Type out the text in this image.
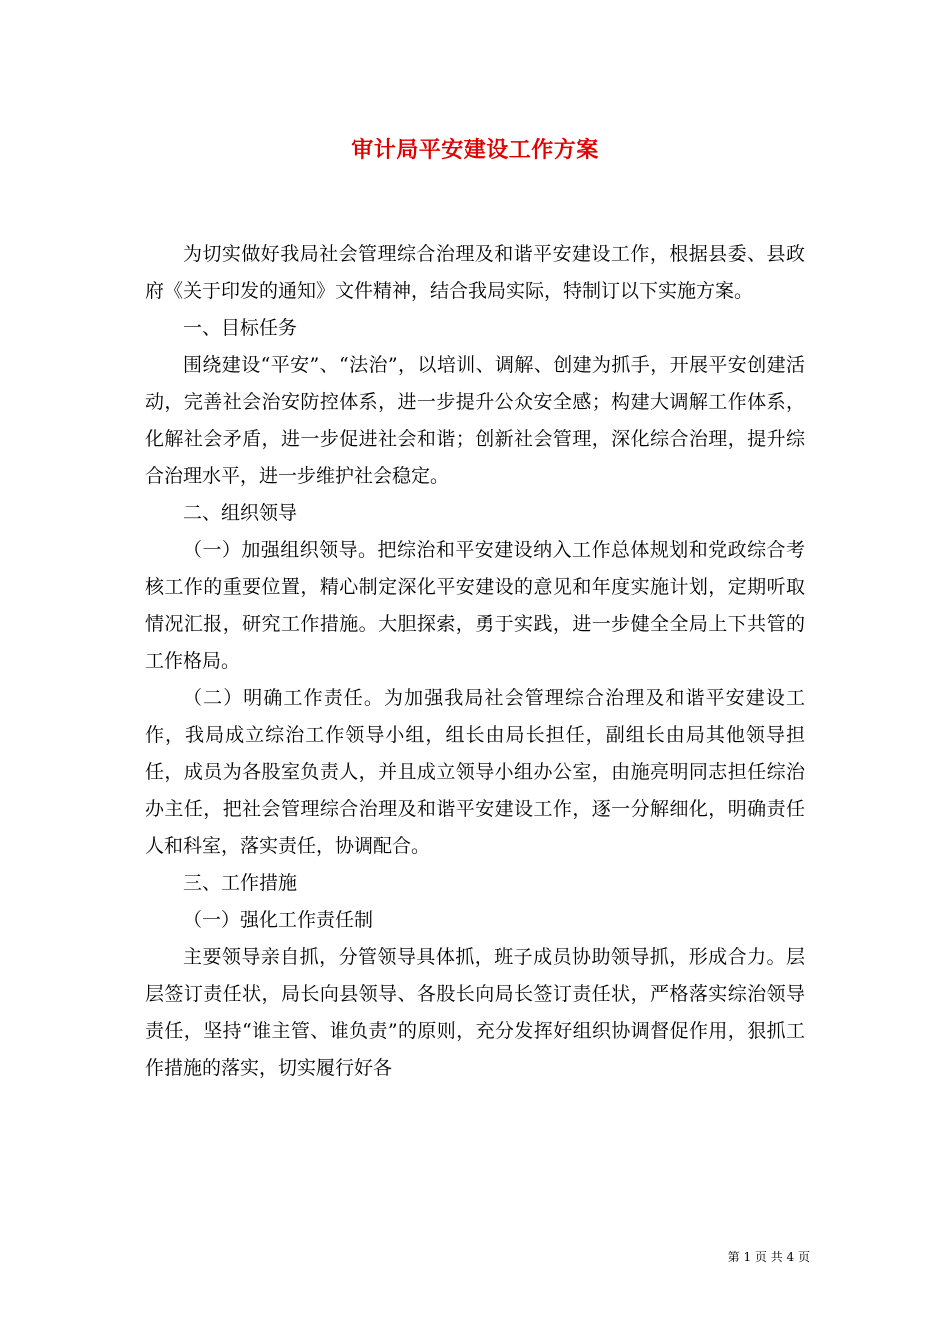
审计局平安建设工作方案

为切实做好我局社会管理综合治理及和谐平安建设工作，根据县委、县政府《关于印发的通知》文件精神，结合我局实际，特制订以下实施方案。

一、目标任务

围绕建设“平安”、“法治”，以培训、调解、创建为抓手，开展平安创建活动，完善社会治安防控体系，进一步提升公众安全感；构建大调解工作体系，化解社会矛盾，进一步促进社会和谐；创新社会管理，深化综合治理，提升综合治理水平，进一步维护社会稳定。

二、组织领导

（一）加强组织领导。把综治和平安建设纳入工作总体规划和党政综合考核工作的重要位置，精心制定深化平安建设的意见和年度实施计划，定期听取情况汇报，研究工作措施。大胆探索，勇于实践，进一步健全全局上下共管的工作格局。

（二）明确工作责任。为加强我局社会管理综合治理及和谐平安建设工作，我局成立综治工作领导小组，组长由局长担任，副组长由局其他领导担任，成员为各股室负责人，并且成立领导小组办公室，由施亮明同志担任综治办主任，把社会管理综合治理及和谐平安建设工作，逐一分解细化，明确责任人和科室，落实责任，协调配合。

三、工作措施

（一）强化工作责任制

主要领导亲自抓，分管领导具体抓，班子成员协助领导抓，形成合力。层层签订责任状，局长向县领导、各股长向局长签订责任状，严格落实综治领导责任，坚持“谁主管、谁负责”的原则，充分发挥好组织协调督促作用，狠抓工作措施的落实，切实履行好各

第 1 页 共 4 页
